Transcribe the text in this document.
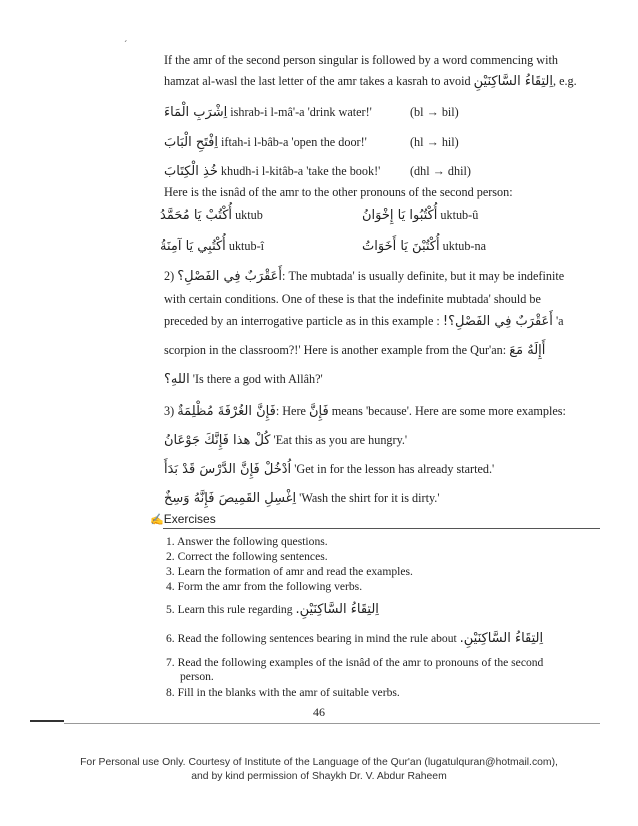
´
If the amr of the second person singular is followed by a word commencing with
hamzat al-wasl the last letter of the amr takes a kasrah to avoid اِلتِقَاءُ السَّاكِنَيْنِ, e.g.
اِشْرَبِ الْمَاءَ ishrab-i l-mâ'-a 'drink water!'	(bl → bil)
اِفْتَحِ الْبَابَ iftah-i l-bâb-a 'open the door!'	(hl → hil)
خُذِ الْكِتَابَ khudh-i l-kitâb-a 'take the book!' (dhl → dhil)
Here is the isnâd of the amr to the other pronouns of the second person:
أُكْتُبْ يَا مُحَمَّدُ uktub	أُكْتُبُوا يَا إِخْوَانُ uktub-û
أُكْتُبِي يَا آمِنَةُ uktub-î	أُكْتُبْنَ يَا أَخَوَاتُ uktub-na
2) أَعَقْرَبٌ فِي الفَصْلِ؟: The mubtada' is usually definite, but it may be indefinite
with certain conditions. One of these is that the indefinite mubtada' should be
preceded by an interrogative particle as in this example : أَعَقْرَبٌ فِي الفَصْلِ؟! 'a
scorpion in the classroom?!' Here is another example from the Qur'an: أَإِلَهٌ مَعَ
اللهِ؟ 'Is there a god with Allâh?'
3) فَإِنَّ الغُرْفَةَ مُظْلِمَةٌ: Here فَإِنَّ means 'because'. Here are some more examples:
كُلْ هذا فَإِنَّكَ جَوْعَانُ 'Eat this as you are hungry.'
اُدْخُلْ فَإِنَّ الدَّرْسَ قَدْ بَدَأَ 'Get in for the lesson has already started.'
اِغْسِلِ القَمِيصَ فَإِنَّهُ وَسِخٌ 'Wash the shirt for it is dirty.'
✍Exercises
1. Answer the following questions.
2. Correct the following sentences.
3. Learn the formation of amr and read the examples.
4. Form the amr from the following verbs.
5. Learn this rule regarding اِلتِقَاءُ السَّاكِنَيْنِ.
6. Read the following sentences bearing in mind the rule about اِلتِقَاءُ السَّاكِنَيْنِ.
7. Read the following examples of the isnâd of the amr to pronouns of the second
person.
8. Fill in the blanks with the amr of suitable verbs.
46
For Personal use Only. Courtesy of Institute of the Language of the Qur'an (lugatulquran@hotmail.com),
and by kind permission of Shaykh Dr. V. Abdur Raheem
